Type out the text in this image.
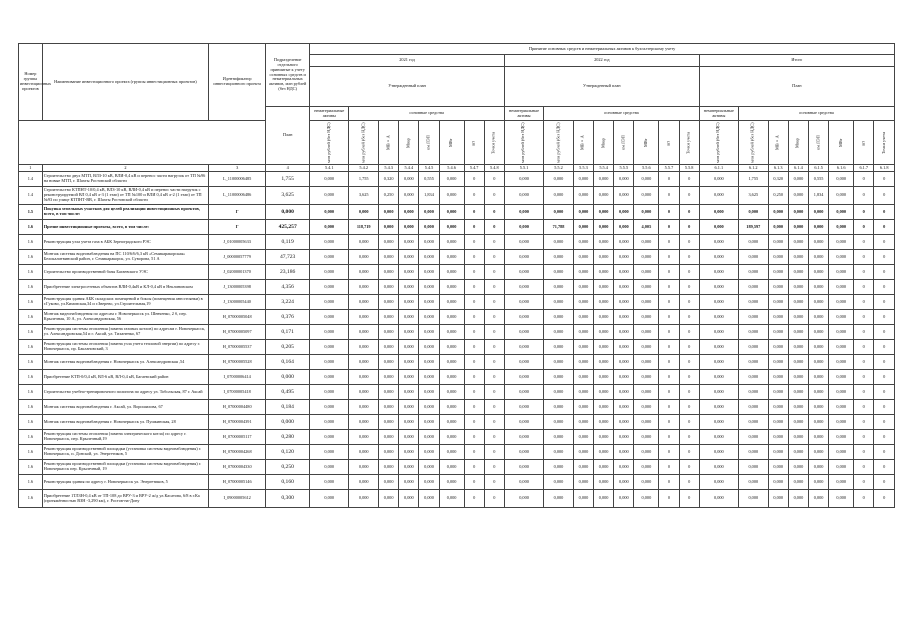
Номер группы инвестиционных проектов	Наименование инвестиционного проекта (группы инвестиционных проектов)	Идентификатор инвестиционного проекта	Подразделение отдельного приниятые к учету основных средств и нематериальных активов, млн рублей (без НДС)	Принятие основных средств и нематериальных активов к бухгалтерскому учету																							
				2021 год								2022 год								Итого							
				Утвержденный план								Утвержденный план								План							
			План	нематериальные активы	основные средства							нематериальные активы	основные средства							нематериальные активы	основные средства						
				млн рублей (без НДС)	млн рублей (без НДС)	МВ×А	Мвар	км ЛЭП	МВт	шт	Точки учета	млн рублей (без НДС)	млн рублей (без НДС)	МВ×А	Мвар	км ЛЭП	МВт	шт	Точки учета	млн рублей (без НДС)	млн рублей (без НДС)	МВ×А	Мвар	км ЛЭП	МВт	шт	Точки учета
1	2	3	4	5.4.1	5.4.2	5.4.3	5.4.4	5.4.5	5.4.6	5.4.7	5.4.8	5.5.1	5.5.2	5.5.3	5.5.4	5.5.5	5.5.6	5.5.7	5.5.8	6.1.1	6.1.2	6.1.3	6.1.4	6.1.5	6.1.6	6.1.7	6.1.8
1.4	Строительство двух МТП, ВЛЗ-10 кВ, ВЛИ-0,4 кВ и перенос части нагрузок от ТП №96 на новые МТП, г. Шахты Ростовской области	L_11000006485	1,755	0,000	1,755	0,320	0,000	0,555	0,000	0	0	0,000	0,000	0,000	0,000	0,000	0,000	0	0	0,000	1,755	0,320	0,000	0,555	0,000	0	0
1.4	Строительство КТПНТ-10/0,4 кВ, ВЛЗ-10 кВ, ВЛИ-0,4 кВ и перенос части нагрузок с реконструируемой ВЛ 0,4 кВ л-3 (1 этап) от ТП №100 и ВЛИ 0,4 кВ л-2 (1 этап) от ТП №93 по улице КТПНТ-ВВ, г. Шахты Ростовской области	L_11000006486	3,625	0,000	3,625	0,250	0,000	1,834	0,000	0	0	0,000	0,000	0,000	0,000	0,000	0,000	0	0	0,000	3,625	0,250	0,000	1,834	0,000	0	0
1.5	Покупка земельных участков для целей реализации инвестиционных проектов, всего, в том числе:	Г	0,000	0,000	0,000	0,000	0,000	0,000	0,000	0	0	0,000	0,000	0,000	0,000	0,000	0,000	0	0	0,000	0,000	0,000	0,000	0,000	0,000	0	0
1.6	Прочие инвестиционные проекты, всего, в том числе:	Г	425,257	0,000	118,719	0,000	0,000	0,000	0,000	0	0	0,000	71,788	0,000	0,000	0,000	4,005	0	0	0,000	189,597	0,000	0,000	0,000	0,000	0	0
1.6	Реконструкция узла учета газа в АБК Зерноградского РЭС	J_01000005633	0,119	0,000	0,000	0,000	0,000	0,000	0,000	0	0	0,000	0,000	0,000	0,000	0,000	0,000	0	0	0,000	0,000	0,000	0,000	0,000	0,000	0	0
1.6	Монтаж системы видеонаблюдения на ПС 110/6/6/6,3 кВ «Семикаракорская» Белокалитвинский район, г. Семикаракорск, ул. Суворова, 51 А	J_00000057779	47,723	0,000	0,000	0,000	0,000	0,000	0,000	0	0	0,000	0,000	0,000	0,000	0,000	0,000	0	0	0,000	0,000	0,000	0,000	0,000	0,000	0	0
1.6	Строительство производственной базы Багаевского УЭС	J_02000001370	23,186	0,000	0,000	0,000	0,000	0,000	0,000	0	0	0,000	0,000	0,000	0,000	0,000	0,000	0	0	0,000	0,000	0,000	0,000	0,000	0,000	0	0
1.6	Приобретение электросетевых объектов ВЛИ-0,4кВ и КЛ-0,4 кВ в Неклиновском	J_13000005398	4,356	0,000	0,000	0,000	0,000	0,000	0,000	0	0	0,000	0,000	0,000	0,000	0,000	0,000	0	0	0,000	0,000	0,000	0,000	0,000	0,000	0	0
1.6	Реконструкция здания АБК складских помещений и боксы (помещения автостоянки) в г.Гуково, ул.Кимовская,34 и г.Зверево, ул.Строительная,19	J_13000005440	3,224	0,000	0,000	0,000	0,000	0,000	0,000	0	0	0,000	0,000	0,000	0,000	0,000	0,000	0	0	0,000	0,000	0,000	0,000	0,000	0,000	0	0
1.6	Монтаж видеонаблюдения по адресам г. Новочеркасск ул. Шевченко, 2 б, пер. Крылечная, 10 А, ул. Александровская, 56	H_07000005048	0,376	0,000	0,000	0,000	0,000	0,000	0,000	0	0	0,000	0,000	0,000	0,000	0,000	0,000	0	0	0,000	0,000	0,000	0,000	0,000	0,000	0	0
1.6	Реконструкция системы отопления (замена газовых котлов) по адресам г. Новочеркасск, ул. Александровская,54 и г. Аксай, ул. Тиханенко, 67	H_07000005097	0,171	0,000	0,000	0,000	0,000	0,000	0,000	0	0	0,000	0,000	0,000	0,000	0,000	0,000	0	0	0,000	0,000	0,000	0,000	0,000	0,000	0	0
1.6	Реконструкция системы отопления (замена узла учета тепловой энергии) по адресу г. Новочеркасск, пр. Баклановский, 3	H_07000005537	0,205	0,000	0,000	0,000	0,000	0,000	0,000	0	0	0,000	0,000	0,000	0,000	0,000	0,000	0	0	0,000	0,000	0,000	0,000	0,000	0,000	0	0
1.6	Монтаж системы видеонаблюдения г. Новочеркасск ул. Александровская ,54	H_07000005528	0,164	0,000	0,000	0,000	0,000	0,000	0,000	0	0	0,000	0,000	0,000	0,000	0,000	0,000	0	0	0,000	0,000	0,000	0,000	0,000	0,000	0	0
1.6	Приобретение КТП-0/0,4 кВ, ВЛ-6 кВ, ВЛ-0,4 кВ, Багаевский район	I_07000006414	0,000	0,000	0,000	0,000	0,000	0,000	0,000	0	0	0,000	0,000	0,000	0,000	0,000	0,000	0	0	0,000	0,000	0,000	0,000	0,000	0,000	0	0
1.6	Строительство учебно-тренировочного полигона по адресу ул. Тобольская, 87 г. Аксай	I_07000005418	0,495	0,000	0,000	0,000	0,000	0,000	0,000	0	0	0,000	0,000	0,000	0,000	0,000	0,000	0	0	0,000	0,000	0,000	0,000	0,000	0,000	0	0
1.6	Монтаж системы видеонаблюдения г. Аксай, ул. Ворошилова, 67	H_07000004480	0,184	0,000	0,000	0,000	0,000	0,000	0,000	0	0	0,000	0,000	0,000	0,000	0,000	0,000	0	0	0,000	0,000	0,000	0,000	0,000	0,000	0	0
1.6	Монтаж системы видеонаблюдения г. Новочеркасск ул. Пушкинская, 28	H_07000004391	0,000	0,000	0,000	0,000	0,000	0,000	0,000	0	0	0,000	0,000	0,000	0,000	0,000	0,000	0	0	0,000	0,000	0,000	0,000	0,000	0,000	0	0
1.6	Реконструкция системы отопления (замена электрического котла) по адресу г. Новочеркасск, пер. Крылечный,19	H_07000005117	0,280	0,000	0,000	0,000	0,000	0,000	0,000	0	0	0,000	0,000	0,000	0,000	0,000	0,000	0	0	0,000	0,000	0,000	0,000	0,000	0,000	0	0
1.6	Реконструкция производственной площадки (установка системы видеонаблюдения) г. Новочеркасск, п. Донской, ул. Энергетиков, 5	H_07000004268	0,120	0,000	0,000	0,000	0,000	0,000	0,000	0	0	0,000	0,000	0,000	0,000	0,000	0,000	0	0	0,000	0,000	0,000	0,000	0,000	0,000	0	0
1.6	Реконструкция производственной площадки (установка системы видеонаблюдения) г. Новочеркасск пер. Крылечный, 19	H_07000004330	0,250	0,000	0,000	0,000	0,000	0,000	0,000	0	0	0,000	0,000	0,000	0,000	0,000	0,000	0	0	0,000	0,000	0,000	0,000	0,000	0,000	0	0
1.6	Реконструкция здания по адресу г. Новочеркасск ул. Энергетиков, 5	H_07000005146	0,160	0,000	0,000	0,000	0,000	0,000	0,000	0	0	0,000	0,000	0,000	0,000	0,000	0,000	0	0	0,000	0,000	0,000	0,000	0,000	0,000	0	0
1.6	Приобретение 1ТЛЗН-0,4 кВ от ТП-108 до ВРУ-3 и ВРУ-2 ж/д ул.Касатова, 6/8 в г.Ка (протяжённостью ВЗН -3,290 км), г. Ростов-на-Дону	I_09000005612	0,300	0,000	0,000	0,000	0,000	0,000	0,000	0	0	0,000	0,000	0,000	0,000	0,000	0,000	0	0	0,000	0,000	0,000	0,000	0,000	0,000	0	0
